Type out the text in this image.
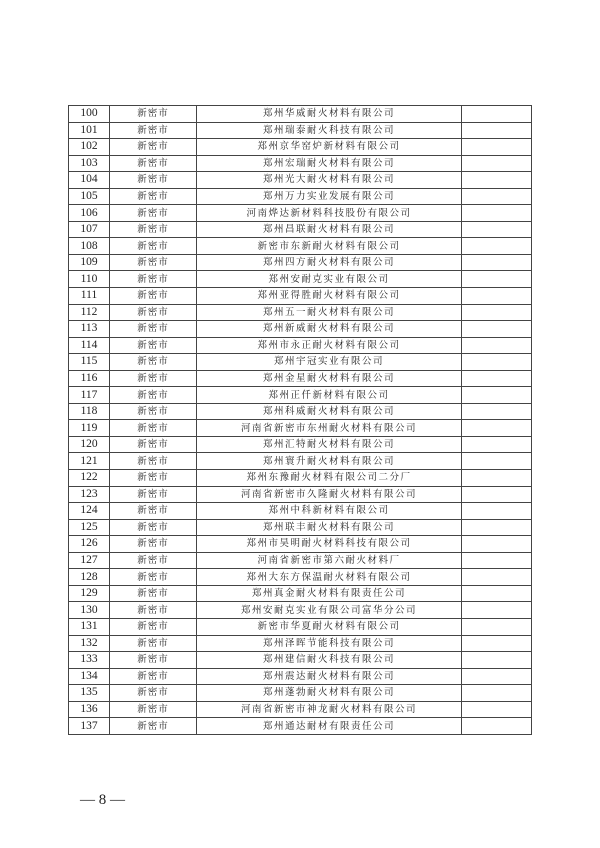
100	新密市	郑州华威耐火材料有限公司	
101	新密市	郑州瑞泰耐火科技有限公司	
102	新密市	郑州京华窑炉新材料有限公司	
103	新密市	郑州宏瑞耐火材料有限公司	
104	新密市	郑州光大耐火材料有限公司	
105	新密市	郑州万力实业发展有限公司	
106	新密市	河南烨达新材料科技股份有限公司	
107	新密市	郑州昌联耐火材料有限公司	
108	新密市	新密市东新耐火材料有限公司	
109	新密市	郑州四方耐火材料有限公司	
110	新密市	郑州安耐克实业有限公司	
111	新密市	郑州亚得胜耐火材料有限公司	
112	新密市	郑州五一耐火材料有限公司	
113	新密市	郑州新威耐火材料有限公司	
114	新密市	郑州市永正耐火材料有限公司	
115	新密市	郑州宇冠实业有限公司	
116	新密市	郑州金星耐火材料有限公司	
117	新密市	郑州正仟新材料有限公司	
118	新密市	郑州科威耐火材料有限公司	
119	新密市	河南省新密市东州耐火材料有限公司	
120	新密市	郑州汇特耐火材料有限公司	
121	新密市	郑州寰升耐火材料有限公司	
122	新密市	郑州东豫耐火材料有限公司二分厂	
123	新密市	河南省新密市久隆耐火材料有限公司	
124	新密市	郑州中科新材料有限公司	
125	新密市	郑州联丰耐火材料有限公司	
126	新密市	郑州市昊明耐火材料科技有限公司	
127	新密市	河南省新密市第六耐火材料厂	
128	新密市	郑州大东方保温耐火材料有限公司	
129	新密市	郑州真金耐火材料有限责任公司	
130	新密市	郑州安耐克实业有限公司富华分公司	
131	新密市	新密市华夏耐火材料有限公司	
132	新密市	郑州泽晖节能科技有限公司	
133	新密市	郑州建信耐火科技有限公司	
134	新密市	郑州震达耐火材料有限公司	
135	新密市	郑州蓬勃耐火材料有限公司	
136	新密市	河南省新密市神龙耐火材料有限公司	
137	新密市	郑州通达耐材有限责任公司	
— 8 —
